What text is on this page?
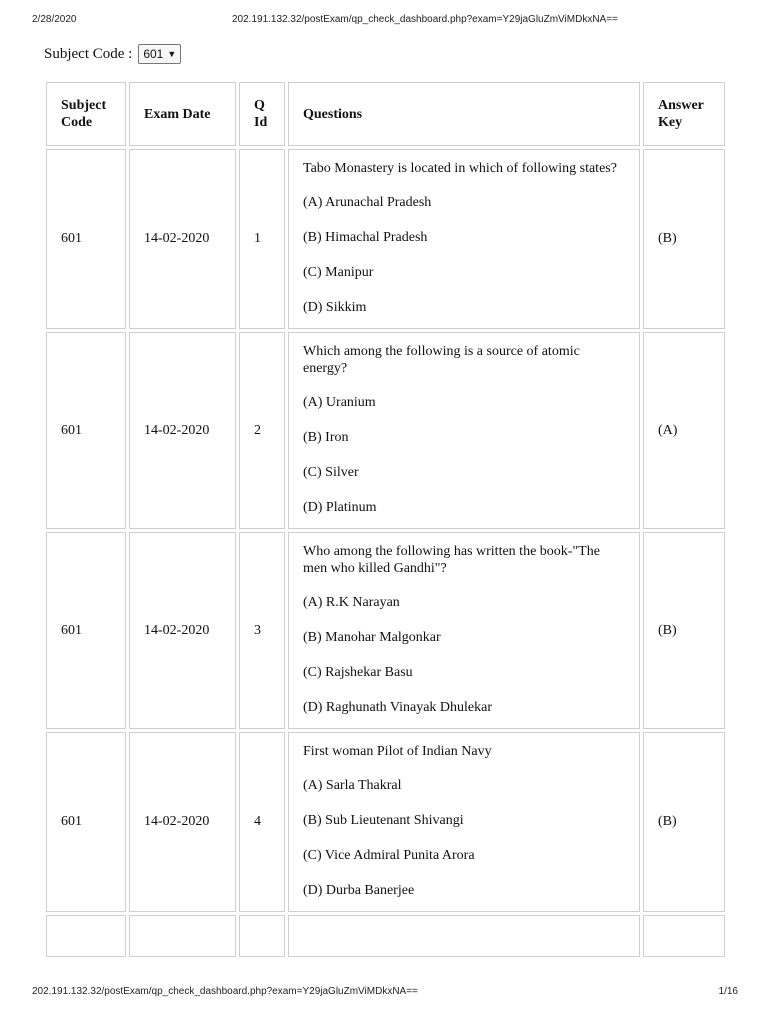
2/28/2020	202.191.132.32/postExam/qp_check_dashboard.php?exam=Y29jaGluZmViMDkxNA==
Subject Code : 601 ▼
Subject Code	Exam Date	Q Id	Questions	Answer Key
601	14-02-2020	1	Tabo Monastery is located in which of following states?
(A) Arunachal Pradesh
(B) Himachal Pradesh
(C) Manipur
(D) Sikkim	(B)
601	14-02-2020	2	Which among the following is a source of atomic energy?
(A) Uranium
(B) Iron
(C) Silver
(D) Platinum	(A)
601	14-02-2020	3	Who among the following has written the book-"The men who killed Gandhi"?
(A) R.K Narayan
(B) Manohar Malgonkar
(C) Rajshekar Basu
(D) Raghunath Vinayak Dhulekar	(B)
601	14-02-2020	4	First woman Pilot of Indian Navy
(A) Sarla Thakral
(B) Sub Lieutenant Shivangi
(C) Vice Admiral Punita Arora
(D) Durba Banerjee	(B)

202.191.132.32/postExam/qp_check_dashboard.php?exam=Y29jaGluZmViMDkxNA==	1/16
